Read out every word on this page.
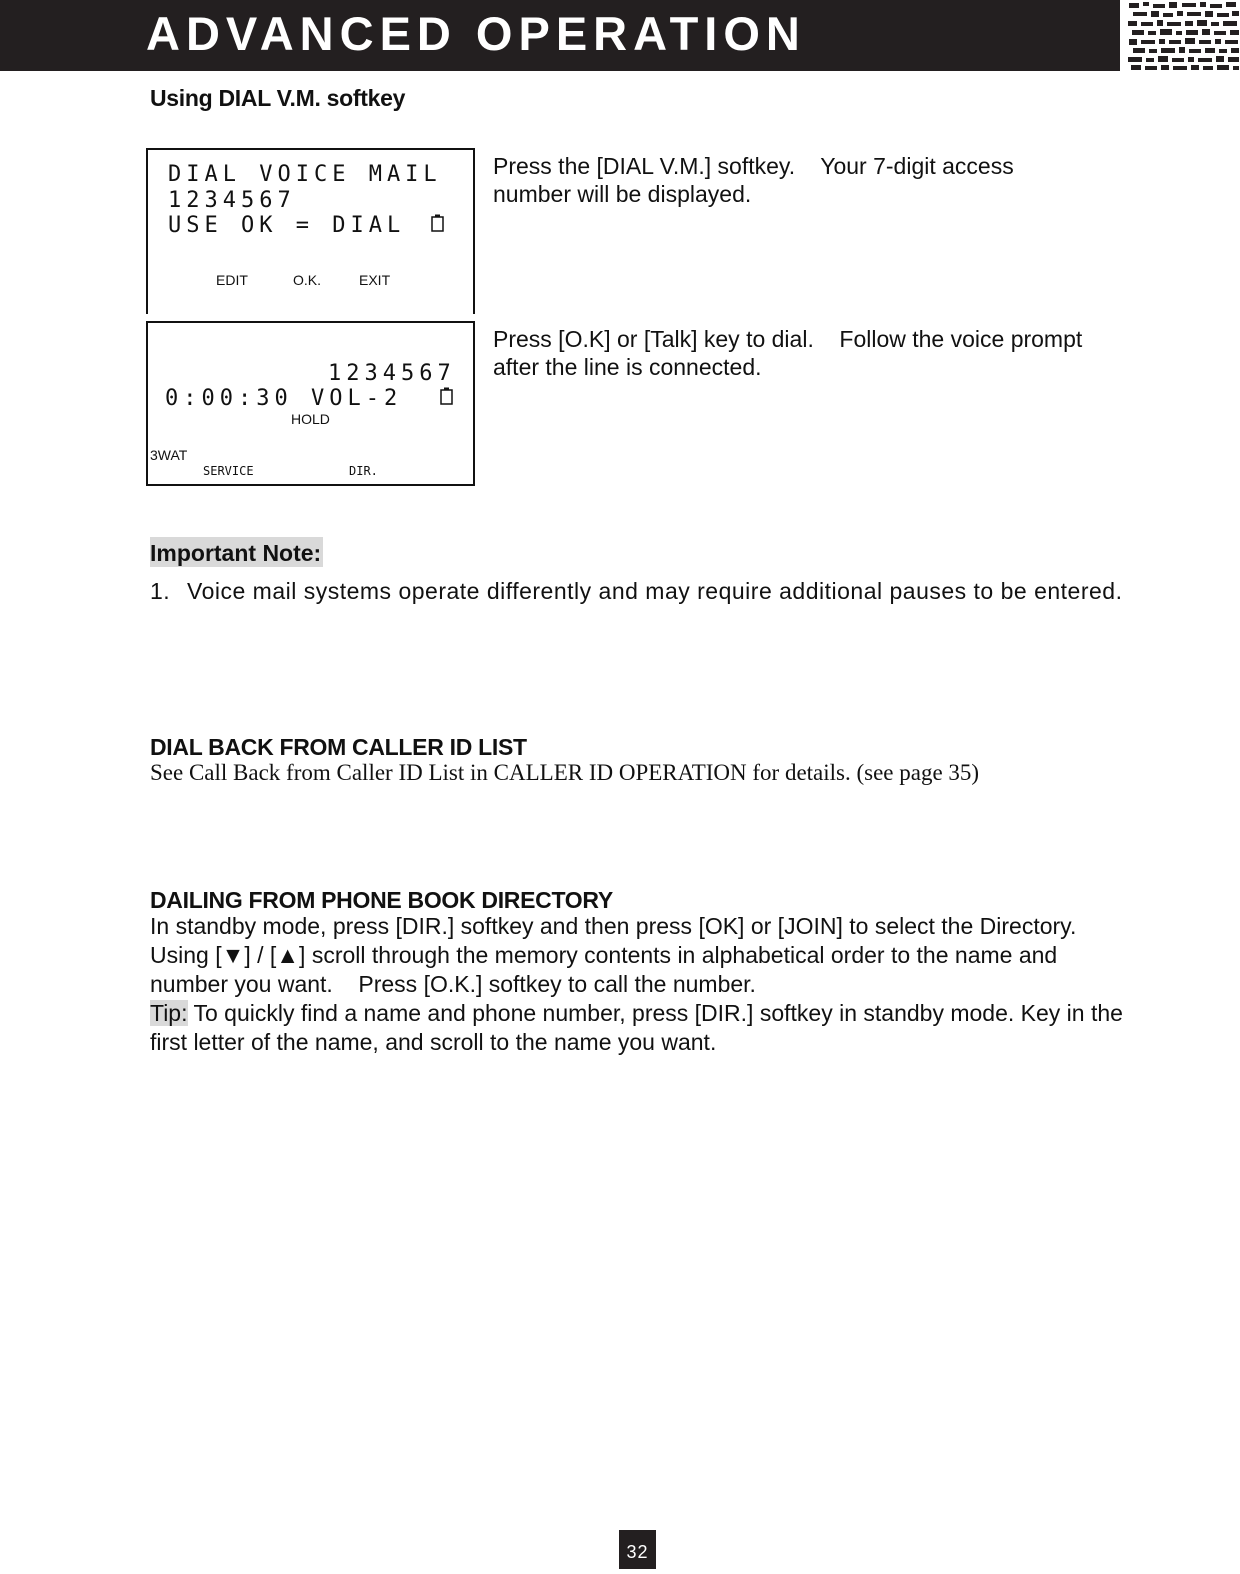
ADVANCED OPERATION
Using DIAL V.M. softkey
DIAL VOICE MAIL
1234567
USE OK = DIAL
EDIT	O.K.	EXIT
Press the [DIAL V.M.] softkey.    Your 7-digit access number will be displayed.
1234567
0:00:30 VOL-2
HOLD
3WAT
SERVICE	DIR.
Press [O.K] or [Talk] key to dial.    Follow the voice prompt after the line is connected.
Important Note:
1. Voice mail systems operate differently and may require additional pauses to be entered.
DIAL BACK FROM CALLER ID LIST
See Call Back from Caller ID List in CALLER ID OPERATION for details. (see page 35)
DAILING FROM PHONE BOOK DIRECTORY
In standby mode, press [DIR.] softkey and then press [OK] or [JOIN] to select the Directory.    Using [▼] / [▲] scroll through the memory contents in alphabetical order to the name and number you want.    Press [O.K.] softkey to call the number.
Tip: To quickly find a name and phone number, press [DIR.] softkey in standby mode. Key in the first letter of the name, and scroll to the name you want.
32
